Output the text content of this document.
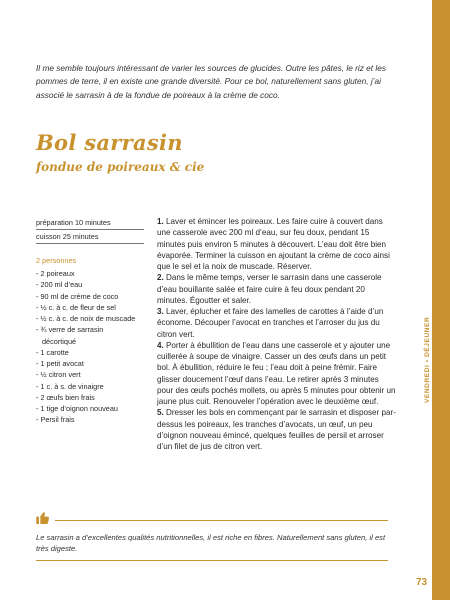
VENDREDI • DÉJEUNER

Il me semble toujours intéressant de varier les sources de glucides. Outre les pâtes, le riz et les pommes de terre, il en existe une grande diversité. Pour ce bol, naturellement sans gluten, j’ai associé le sarrasin à de la fondue de poireaux à la crème de coco.

Bol sarrasin
fondue de poireaux & cie
préparation 10 minutes
cuisson 25 minutes
2 personnes
- 2 poireaux
- 200 ml d’eau
- 90 ml de crème de coco
- ½ c. à c. de fleur de sel
- ½ c. à c. de noix de muscade
- ¾ verre de sarrasin
décortiqué
- 1 carotte
- 1 petit avocat
- ½ citron vert
- 1 c. à s. de vinaigre
- 2 œufs bien frais
- 1 tige d’oignon nouveau
- Persil frais

1. Laver et émincer les poireaux. Les faire cuire à couvert dans une casserole avec 200 ml d’eau, sur feu doux, pendant 15 minutes puis environ 5 minutes à découvert. L’eau doit être bien évaporée. Terminer la cuisson en ajoutant la crème de coco ainsi que le sel et la noix de muscade. Réserver.

2. Dans le même temps, verser le sarrasin dans une casserole d’eau bouillante salée et faire cuire à feu doux pendant 20 minutes. Égoutter et saler.

3. Laver, éplucher et faire des lamelles de carottes à l’aide d’un économe. Découper l’avocat en tranches et l’arroser du jus du citron vert.

4. Porter à ébullition de l’eau dans une casserole et y ajouter une cuillerée à soupe de vinaigre. Casser un des œufs dans un petit bol. À ébullition, réduire le feu ; l’eau doit à peine frémir. Faire glisser doucement l’œuf dans l’eau. Le retirer après 3 minutes pour des œufs pochés mollets, ou après 5 minutes pour obtenir un jaune plus cuit. Renouveler l’opération avec le deuxième œuf.

5. Dresser les bols en commençant par le sarrasin et disposer par-dessus les poireaux, les tranches d’avocats, un œuf, un peu d’oignon nouveau émincé, quelques feuilles de persil et arroser d’un filet de jus de citron vert.

Le sarrasin a d’excellentes qualités nutritionnelles, il est riche en fibres. Naturellement sans gluten, il est très digeste.

73
